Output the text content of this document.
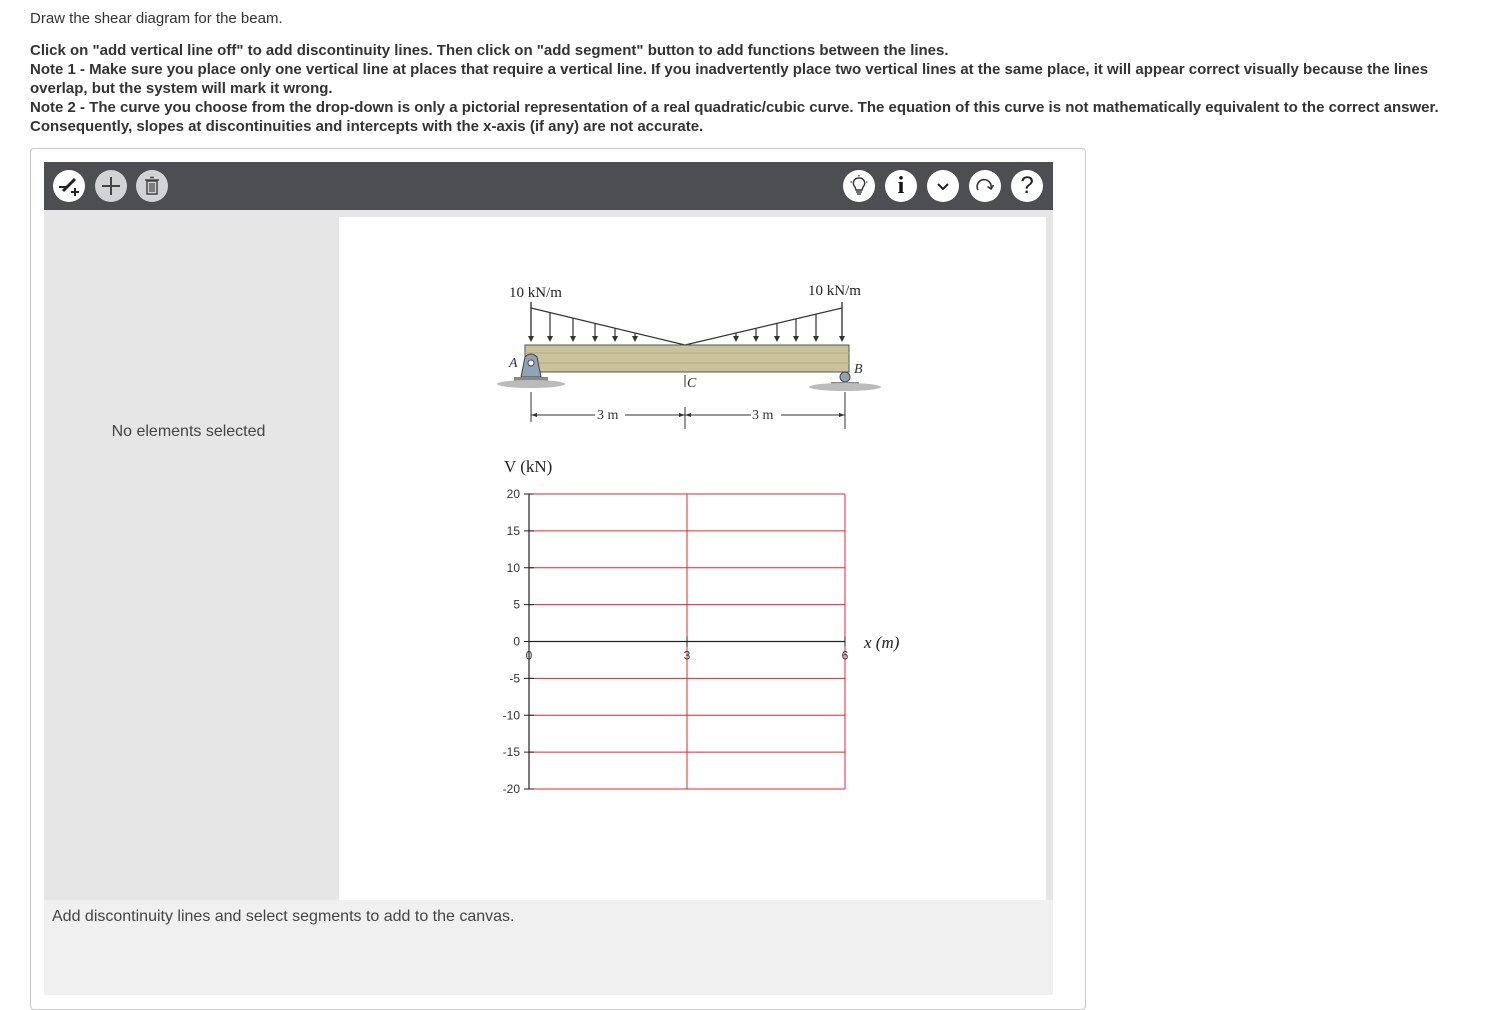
Draw the shear diagram for the beam.
Click on "add vertical line off" to add discontinuity lines. Then click on "add segment" button to add functions between the lines.
Note 1 - Make sure you place only one vertical line at places that require a vertical line. If you inadvertently place two vertical lines at the same place, it will appear correct visually because the lines overlap, but the system will mark it wrong.
Note 2 - The curve you choose from the drop-down is only a pictorial representation of a real quadratic/cubic curve. The equation of this curve is not mathematically equivalent to the correct answer. Consequently, slopes at discontinuities and intercepts with the x-axis (if any) are not accurate.
i	?
No elements selected
10 kN/m	10 kN/m
A	B
C
3 m	3 m
V (kN)
x (m)
20
15
10
5
0
-5
-10
-15
-20
0	3	6
Add discontinuity lines and select segments to add to the canvas.
